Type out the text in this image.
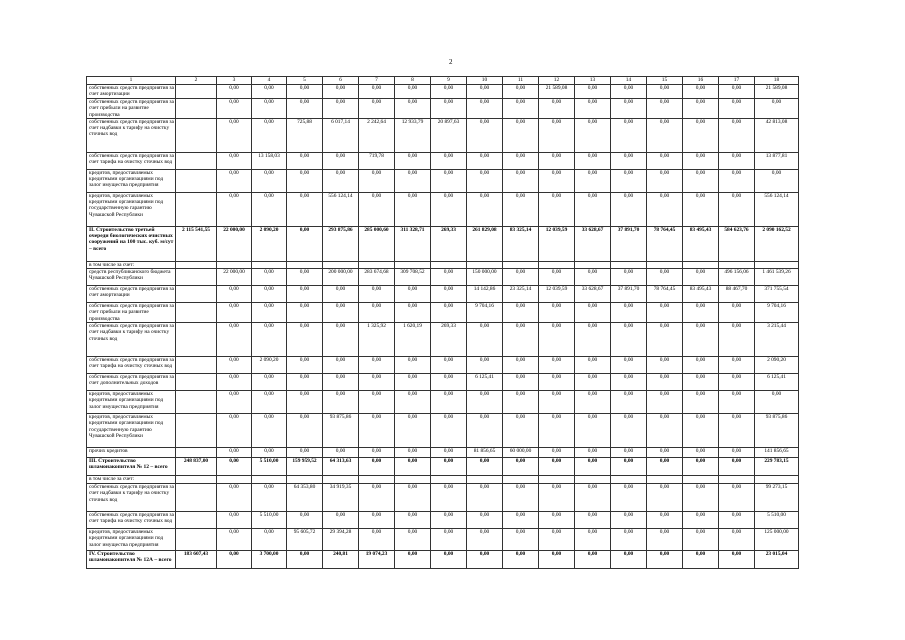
2
1	2	3	4	5	6	7	8	9	10	11	12	13	14	15	16	17	18
собственных средств предприятия за счет амортизации		0,00	0,00	0,00	0,00	0,00	0,00	0,00	0,00	0,00	21 589,08	0,00	0,00	0,00	0,00	0,00	21 589,08
собственных средств предприятия за счет прибыли на развитие производства		0,00	0,00	0,00	0,00	0,00	0,00	0,00	0,00	0,00	0,00	0,00	0,00	0,00	0,00	0,00	0,00
собственных средств предприятия за счет надбавки к тарифу на очистку сточных вод		0,00	0,00	725,88	6 017,14	2 242,64	12 933,79	20 897,63	0,00	0,00	0,00	0,00	0,00	0,00	0,00	0,00	42 813,08
собственных средств предприятия за счет тарифа на очистку сточных вод		0,00	13 158,03	0,00	0,00	719,78	0,00	0,00	0,00	0,00	0,00	0,00	0,00	0,00	0,00	0,00	13 877,81
кредитов, предоставляемых кредитными организациями под залог имущества предприятия		0,00	0,00	0,00	0,00	0,00	0,00	0,00	0,00	0,00	0,00	0,00	0,00	0,00	0,00	0,00	0,00
кредитов, предоставляемых кредитными организациями под государственную гарантию Чувашской Республики		0,00	0,00	0,00	556 124,14	0,00	0,00	0,00	0,00	0,00	0,00	0,00	0,00	0,00	0,00	0,00	556 124,14
II. Строительство третьей очереди биологических очистных сооружений на 100 тыс. куб. м/сут – всего	2 115 541,55	22 000,00	2 090,20	0,00	293 875,86	285 000,60	311 328,71	269,33	261 829,08	83 325,14	12 039,59	33 628,67	37 891,70	78 764,45	83 495,43	584 623,76	2 090 162,52
в том числе за счет:																	
средств республиканского бюджета Чувашской Республики		22 000,00	0,00	0,00	200 000,00	283 674,68	309 708,52	0,00	150 000,00	0,00	0,00	0,00	0,00	0,00	0,00	496 156,06	1 461 539,26
собственных средств предприятия за счет амортизации		0,00	0,00	0,00	0,00	0,00	0,00	0,00	14 142,86	23 325,14	12 039,59	33 628,67	37 891,70	78 764,45	83 495,43	88 467,70	371 755,54
собственных средств предприятия за счет прибыли на развитие производства		0,00	0,00	0,00	0,00	0,00	0,00	0,00	9 704,16	0,00	0,00	0,00	0,00	0,00	0,00	0,00	9 704,16
собственных средств предприятия за счет надбавки к тарифу на очистку сточных вод		0,00	0,00	0,00	0,00	1 325,92	1 620,19	269,33	0,00	0,00	0,00	0,00	0,00	0,00	0,00	0,00	3 215,44
собственных средств предприятия за счет тарифа на очистку сточных вод		0,00	2 090,20	0,00	0,00	0,00	0,00	0,00	0,00	0,00	0,00	0,00	0,00	0,00	0,00	0,00	2 090,20
собственных средств предприятия за счет дополнительных доходов		0,00	0,00	0,00	0,00	0,00	0,00	0,00	6 125,41	0,00	0,00	0,00	0,00	0,00	0,00	0,00	6 125,41
кредитов, предоставляемых кредитными организациями под залог имущества предприятия		0,00	0,00	0,00	0,00	0,00	0,00	0,00	0,00	0,00	0,00	0,00	0,00	0,00	0,00	0,00	0,00
кредитов, предоставляемых кредитными организациями под государственную гарантию Чувашской Республики		0,00	0,00	0,00	93 875,86	0,00	0,00	0,00	0,00	0,00	0,00	0,00	0,00	0,00	0,00	0,00	93 875,86
прочих кредитов		0,00	0,00	0,00	0,00	0,00	0,00	0,00	81 856,65	60 000,00	0,00	0,00	0,00	0,00	0,00	0,00	141 856,65
III. Строительство шламонакопителя № 12 – всего	248 837,00	0,00	5 510,00	159 959,52	64 313,63	0,00	0,00	0,00	0,00	0,00	0,00	0,00	0,00	0,00	0,00	0,00	229 783,15
в том числе за счет:																	
собственных средств предприятия за счет надбавки к тарифу на очистку сточных вод		0,00	0,00	64 353,80	34 919,35	0,00	0,00	0,00	0,00	0,00	0,00	0,00	0,00	0,00	0,00	0,00	99 273,15
собственных средств предприятия за счет тарифа на очистку сточных вод		0,00	5 510,00	0,00	0,00	0,00	0,00	0,00	0,00	0,00	0,00	0,00	0,00	0,00	0,00	0,00	5 510,00
кредитов, предоставляемых кредитными организациями под залог имущества предприятия		0,00	0,00	95 605,72	29 394,28	0,00	0,00	0,00	0,00	0,00	0,00	0,00	0,00	0,00	0,00	0,00	125 000,00
IV. Строительство шламонакопителя № 12А – всего	183 607,43	0,00	3 700,00	0,00	240,81	19 074,23	0,00	0,00	0,00	0,00	0,00	0,00	0,00	0,00	0,00	0,00	23 015,04
